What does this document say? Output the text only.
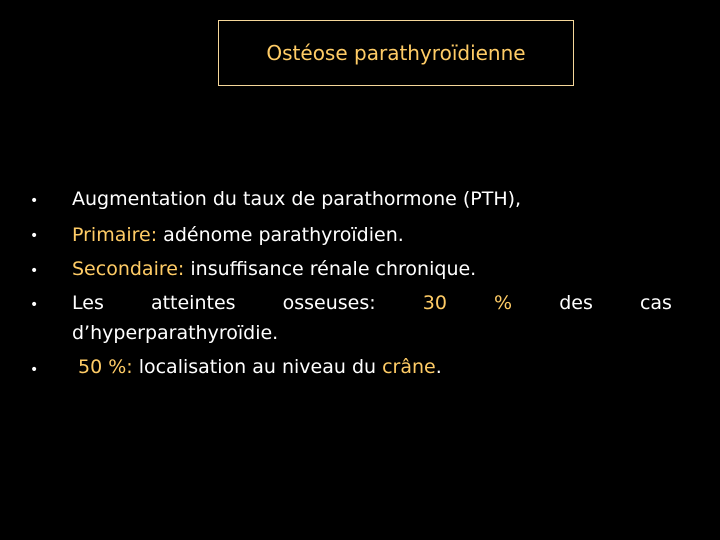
Ostéose parathyroïdienne
• Augmentation du taux de parathormone (PTH),
• Primaire: adénome parathyroïdien.
• Secondaire: insuffisance rénale chronique.
• Les atteintes osseuses: 30 % des cas
d’hyperparathyroïdie.
• 50 %: localisation au niveau du crâne.
